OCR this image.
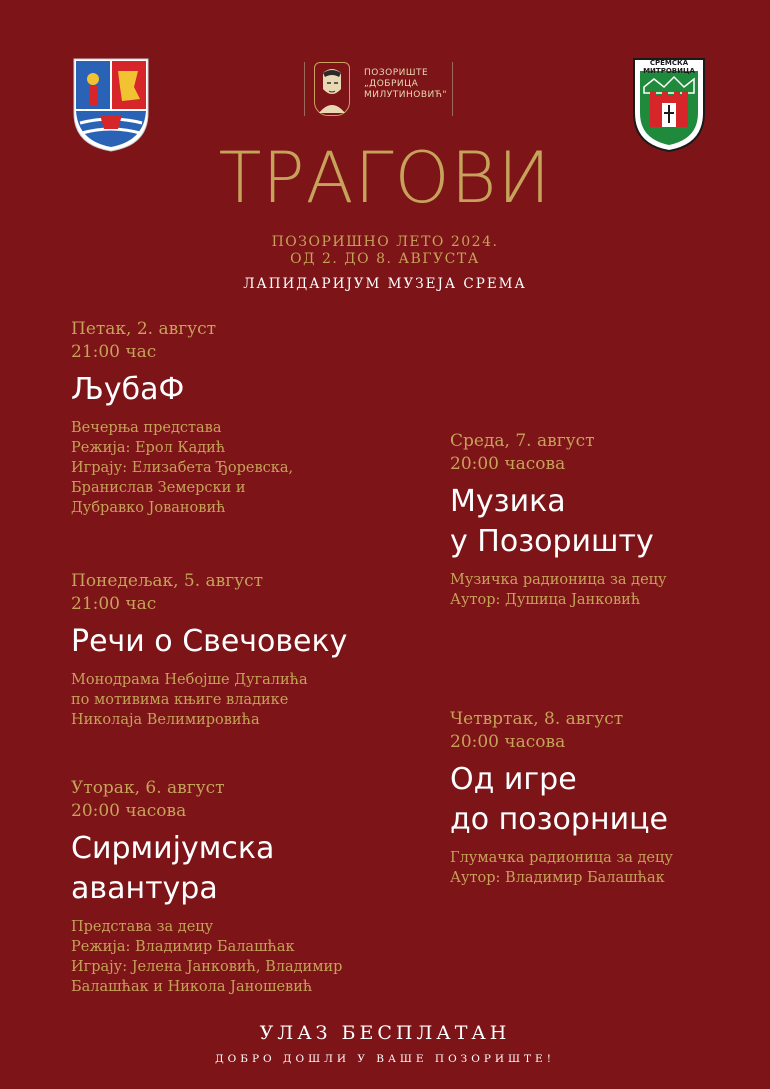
ПОЗОРИШТЕ „ДОБРИЦА МИЛУТИНОВИЋ"
СРЕМСКА МИТРОВИЦА
ТРАГОВИ
ПОЗОРИШНО ЛЕТО 2024.
ОД 2. ДО 8. АВГУСТА
ЛАПИДАРИЈУМ МУЗЕЈА СРЕМА
Петак, 2. август
21:00 час
ЉубаФ
Вечерња представа
Режија: Ерол Кадић
Играју: Елизабета Ђоревска,
Бранислав Земерски и
Дубравко Јовановић
Понедељак, 5. август
21:00 час
Речи о Свечовеку
Монодрама Небојше Дугалића
по мотивима књиге владике
Николаја Велимировића
Уторак, 6. август
20:00 часова
Сирмијумска
авантура
Представа за децу
Режија: Владимир Балашћак
Играју: Јелена Јанковић, Владимир
Балашћак и Никола Јаношевић
Среда, 7. август
20:00 часова
Музика
у Позоришту
Музичка радионица за децу
Аутор: Душица Јанковић
Четвртак, 8. август
20:00 часова
Од игре
до позорнице
Глумачка радионица за децу
Аутор: Владимир Балашћак
УЛАЗ БЕСПЛАТАН
ДОБРО ДОШЛИ У ВАШЕ ПОЗОРИШТЕ!
